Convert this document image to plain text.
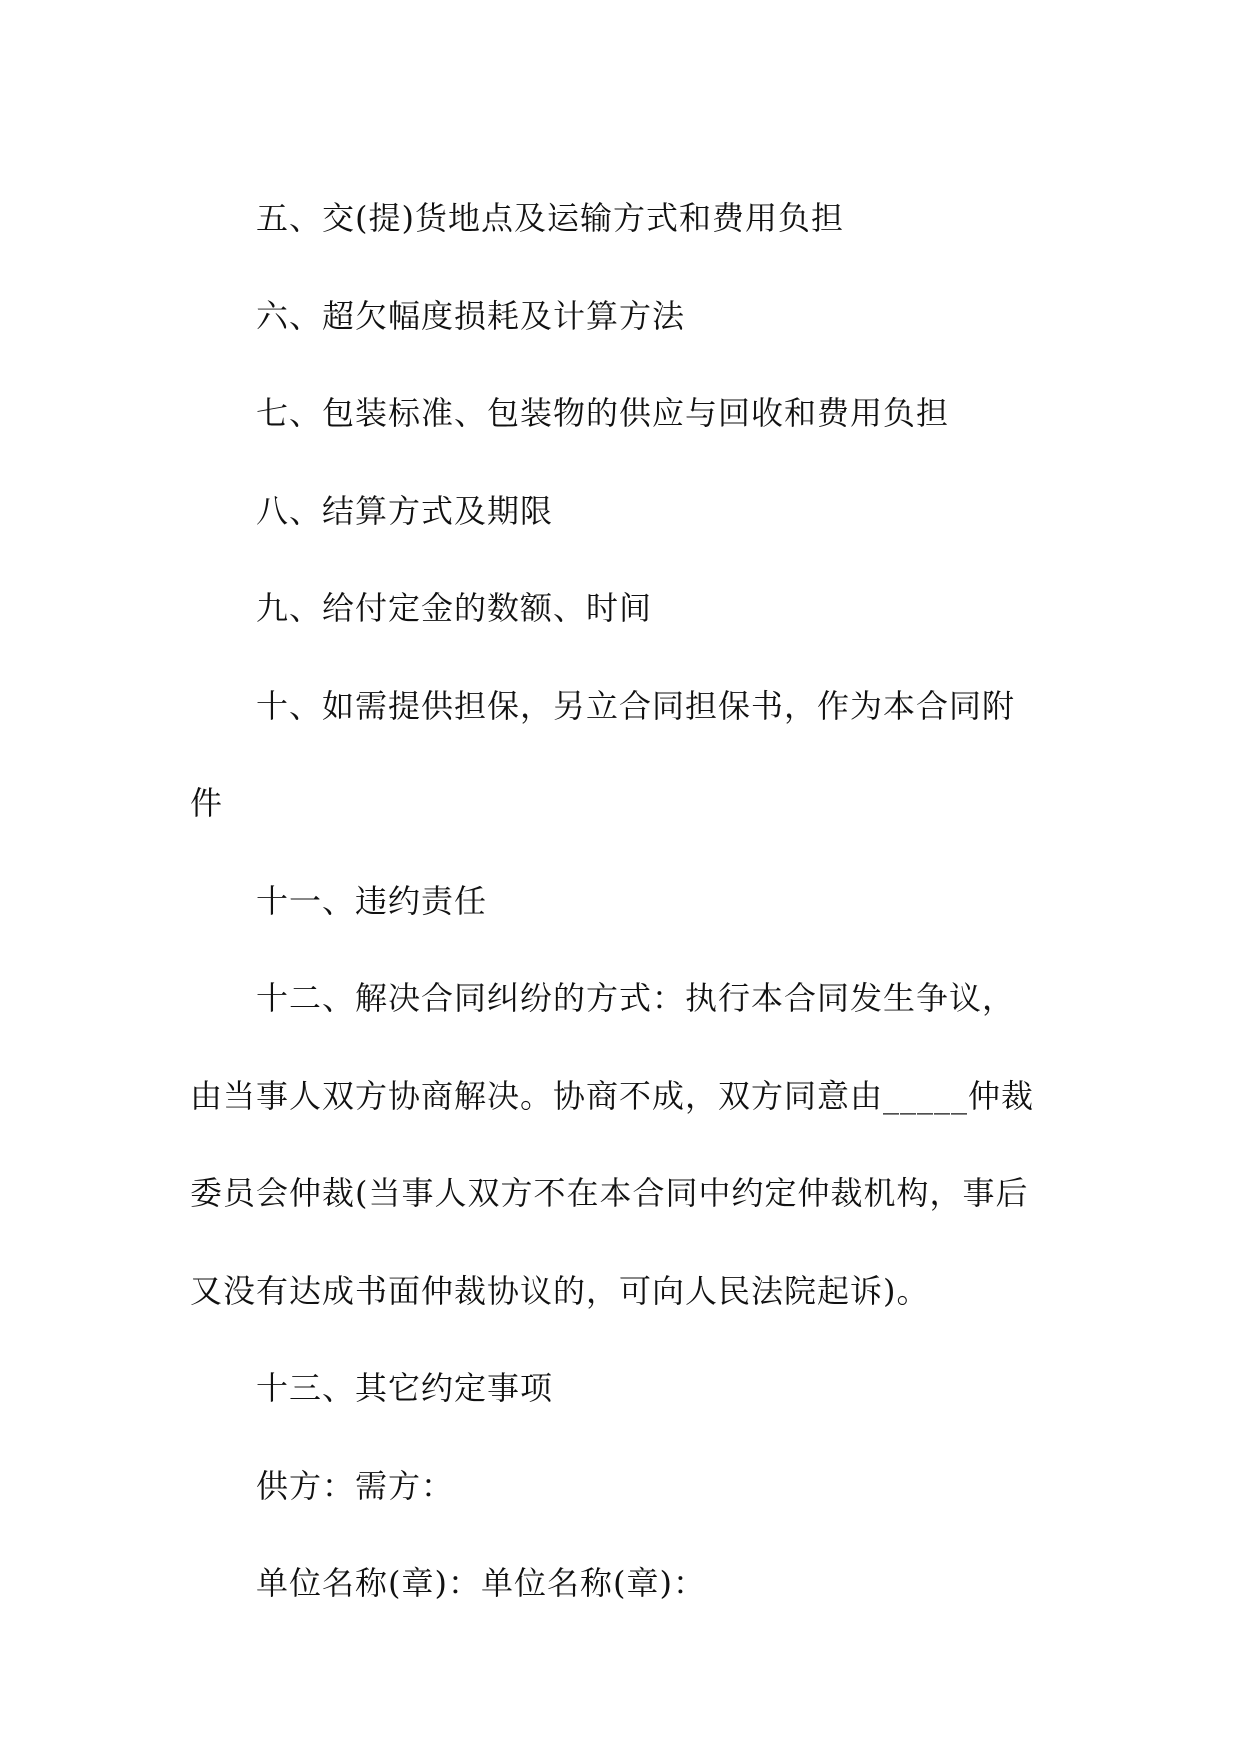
五、交(提)货地点及运输方式和费用负担

六、超欠幅度损耗及计算方法

七、包装标准、包装物的供应与回收和费用负担

八、结算方式及期限

九、给付定金的数额、时间

十、如需提供担保，另立合同担保书，作为本合同附

件

十一、违约责任

十二、解决合同纠纷的方式：执行本合同发生争议，

由当事人双方协商解决。协商不成，双方同意由_____仲裁

委员会仲裁(当事人双方不在本合同中约定仲裁机构，事后

又没有达成书面仲裁协议的，可向人民法院起诉)。

十三、其它约定事项

供方：需方：

单位名称(章)：单位名称(章)：
